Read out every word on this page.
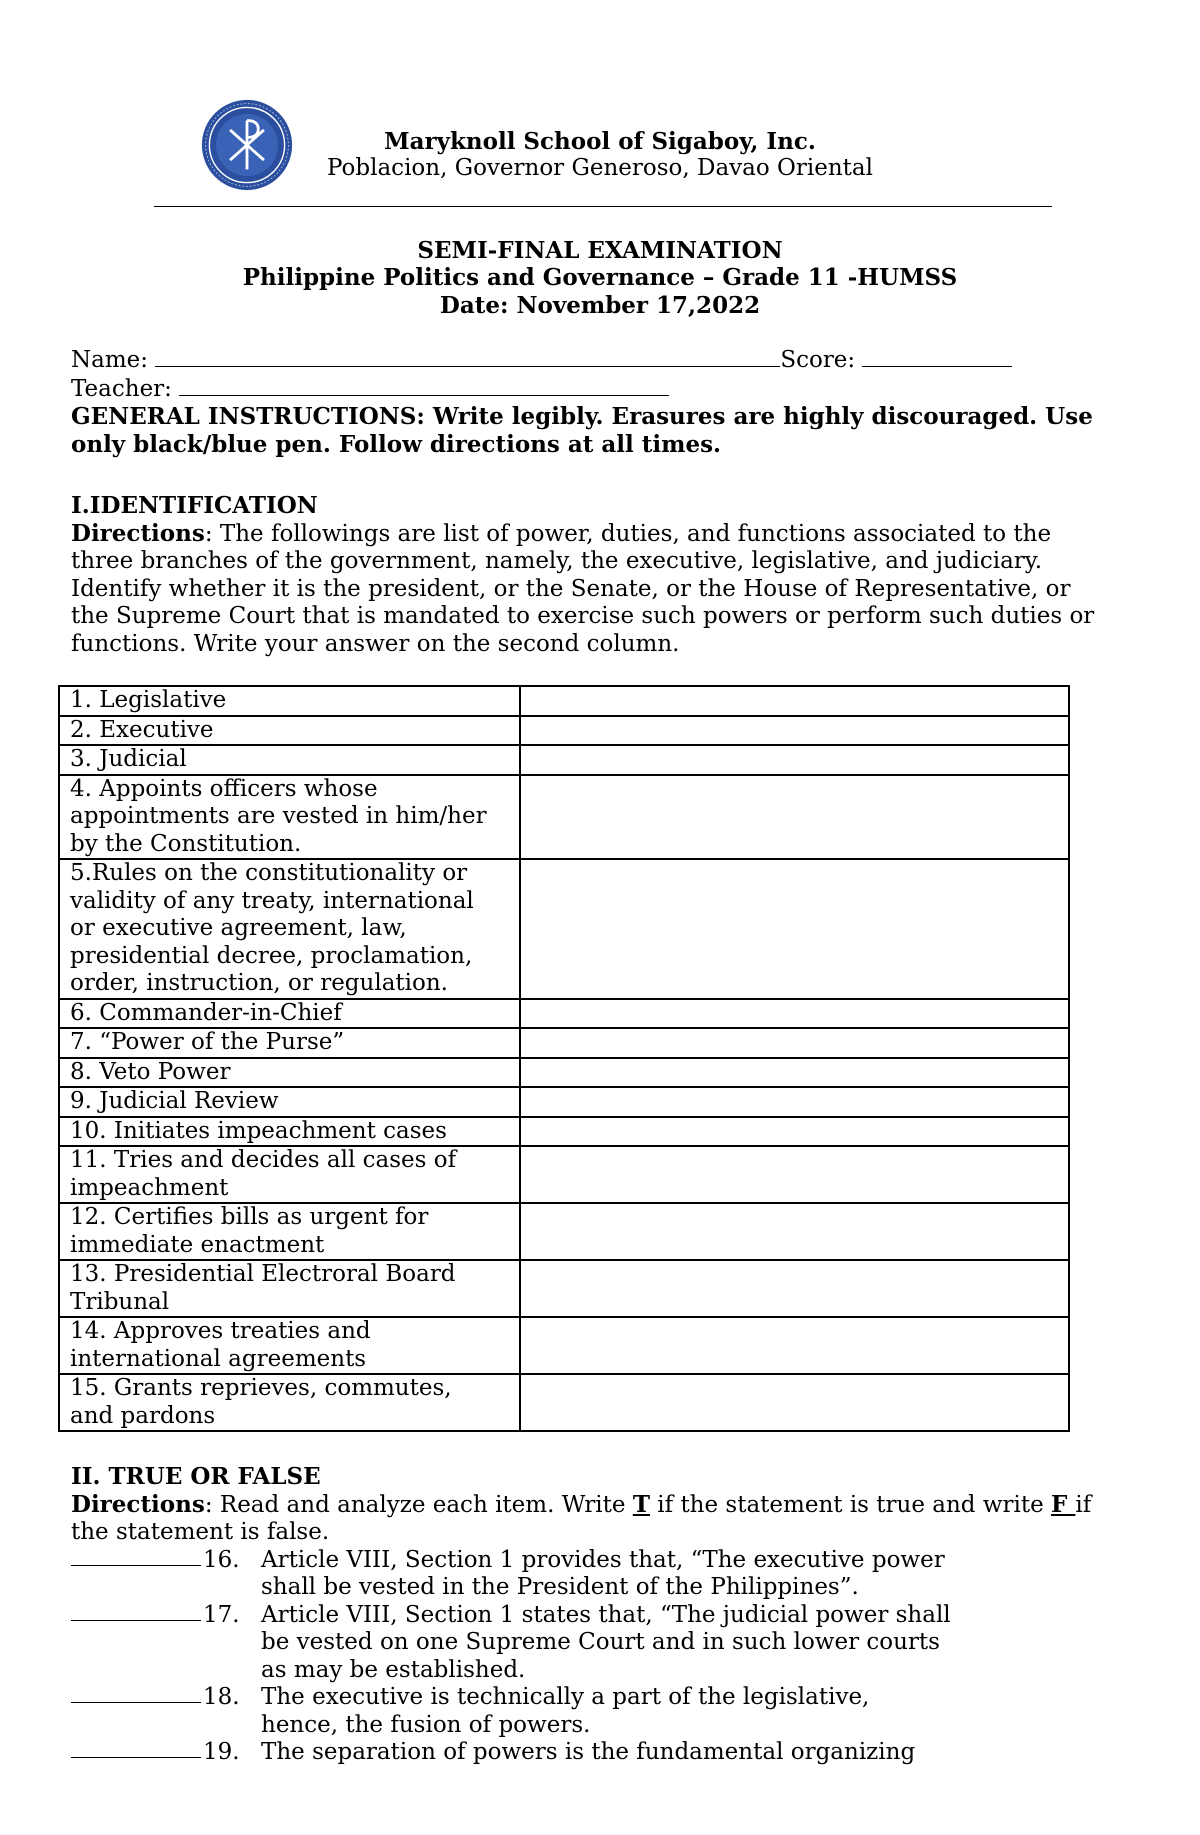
Maryknoll School of Sigaboy, Inc.
Poblacion, Governor Generoso, Davao Oriental
SEMI-FINAL EXAMINATION
Philippine Politics and Governance – Grade 11 -HUMSS
Date: November 17,2022
Name:	Score:
Teacher:
GENERAL INSTRUCTIONS: Write legibly. Erasures are highly discouraged. Use
only black/blue pen. Follow directions at all times.
I.IDENTIFICATION
Directions: The followings are list of power, duties, and functions associated to the
three branches of the government, namely, the executive, legislative, and judiciary.
Identify whether it is the president, or the Senate, or the House of Representative, or
the Supreme Court that is mandated to exercise such powers or perform such duties or
functions. Write your answer on the second column.
1. Legislative	

2. Executive	

3. Judicial	

4. Appoints officers whose
appointments are vested in him/her
by the Constitution.	

5.Rules on the constitutionality or
validity of any treaty, international
or executive agreement, law,
presidential decree, proclamation,
order, instruction, or regulation.	

6. Commander-in-Chief	

7. “Power of the Purse”	

8. Veto Power	

9. Judicial Review	

10. Initiates impeachment cases	

11. Tries and decides all cases of
impeachment	

12. Certifies bills as urgent for
immediate enactment	

13. Presidential Electroral Board
Tribunal	

14. Approves treaties and
international agreements	

15. Grants reprieves, commutes,
and pardons	

II. TRUE OR FALSE
Directions: Read and analyze each item. Write T if the statement is true and write F if
the statement is false.
16. Article VIII, Section 1 provides that, “The executive power
shall be vested in the President of the Philippines”.
17. Article VIII, Section 1 states that, “The judicial power shall
be vested on one Supreme Court and in such lower courts
as may be established.
18. The executive is technically a part of the legislative,
hence, the fusion of powers.
19. The separation of powers is the fundamental organizing
